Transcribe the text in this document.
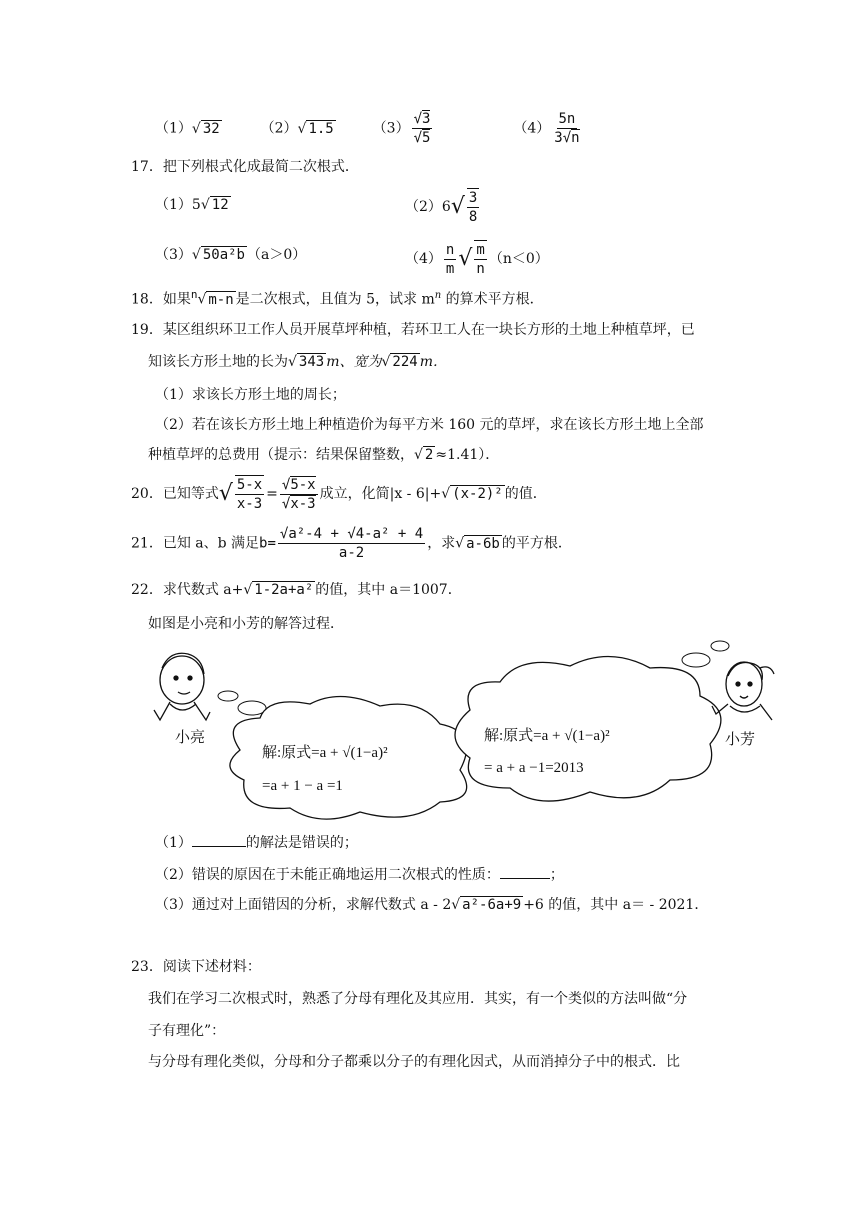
（1）√ 32	（2）√ 1.5	$(3) \frac{√3}{√5}$	$(4) \frac{5n}{3√n}$
17．把下列根式化成最简二次根式．
（1）5√ 12	$(2)6√ \frac{3}{8}$
（3）√ 50a²b （a＞0）	$(4) \frac{n}{m}$ √ $\frac{m}{n} (n<0)$
18．如果$^n$√ m-n 是二次根式，且值为 5，试求 $m^n$ 的算术平方根．
19．某区组织环卫工作人员开展草坪种植，若环卫工人在一块长方形的土地上种植草坪，已
知该长方形土地的长为√ 343 m、宽为√ 224 m．
（1）求该长方形土地的周长；
（2）若在该长方形土地上种植造价为每平方米 160 元的草坪，求在该长方形土地上全部
种植草坪的总费用（提示：结果保留整数，√ 2 ≈1.41）．
20．已知等式√ $\frac{5-x}{x-3} = \frac{√5-x}{√x-3}$ 成立，化简|x - 6|+√ (x-2)² 的值．
21．已知 a、b 满足$b= \frac{\text{√a²-4 + √4-a² + 4}}{a-2}$ ，求√ a-6b 的平方根．
22．求代数式 a+√ 1-2a+a² 的值，其中 a＝1007．
如图是小亮和小芳的解答过程．
小亮	小芳
解:原式=a + √(1−a)²
=a + 1 − a =1
解:原式=a + √(1−a)²
= a + a −1=2013
（1）	的解法是错误的；
（2）错误的原因在于未能正确地运用二次根式的性质：	；
（3）通过对上面错因的分析，求解代数式 a - 2√ a²-6a+9 +6 的值，其中 a＝ - 2021．
23．阅读下述材料：
我们在学习二次根式时，熟悉了分母有理化及其应用．其实，有一个类似的方法叫做“分
子有理化”：
与分母有理化类似，分母和分子都乘以分子的有理化因式，从而消掉分子中的根式．比
